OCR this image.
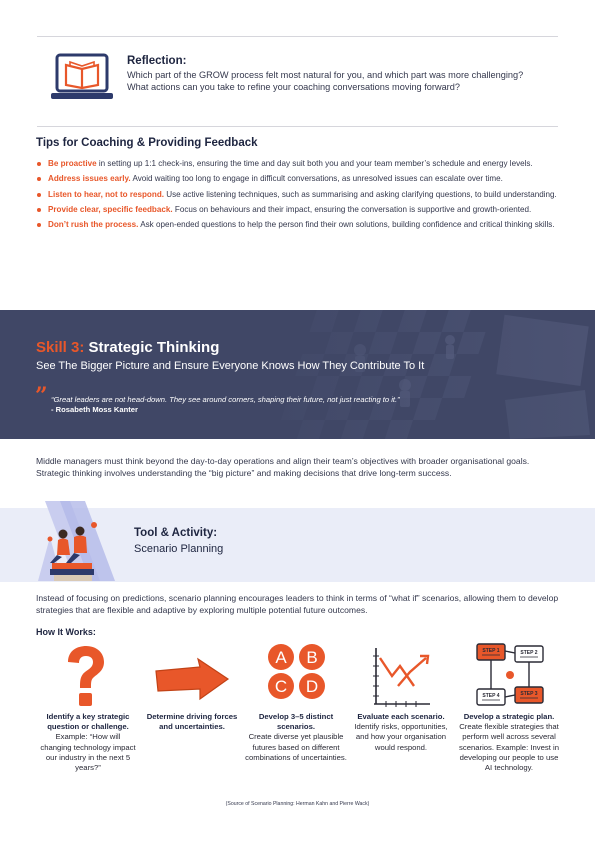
Reflection:
Which part of the GROW process felt most natural for you, and which part was more challenging? What actions can you take to refine your coaching conversations moving forward?
Tips for Coaching & Providing Feedback
Be proactive in setting up 1:1 check-ins, ensuring the time and day suit both you and your team member’s schedule and energy levels.
Address issues early. Avoid waiting too long to engage in difficult conversations, as unresolved issues can escalate over time.
Listen to hear, not to respond. Use active listening techniques, such as summarising and asking clarifying questions, to build understanding.
Provide clear, specific feedback. Focus on behaviours and their impact, ensuring the conversation is supportive and growth-oriented.
Don’t rush the process. Ask open-ended questions to help the person find their own solutions, building confidence and critical thinking skills.
Skill 3: Strategic Thinking
See The Bigger Picture and Ensure Everyone Knows How They Contribute To It
” “Great leaders are not head-down. They see around corners, shaping their future, not just reacting to it.”
- Rosabeth Moss Kanter
Middle managers must think beyond the day-to-day operations and align their team’s objectives with broader organisational goals. Strategic thinking involves understanding the “big picture” and making decisions that drive long-term success.
Tool & Activity:
Scenario Planning
Instead of focusing on predictions, scenario planning encourages leaders to think in terms of “what if” scenarios, allowing them to develop strategies that are flexible and adaptive by exploring multiple potential future outcomes.
How It Works:
Identify a key strategic question or challenge.
Example: “How will changing technology impact our industry in the next 5 years?”
Determine driving forces and uncertainties.
A B
C D
Develop 3–5 distinct scenarios.
Create diverse yet plausible futures based on different combinations of uncertainties.
Evaluate each scenario.
Identify risks, opportunities, and how your organisation would respond.
STEP 1	STEP 2
STEP 3
STEP 4
Develop a strategic plan.
Create flexible strategies that perform well across several scenarios. Example: Invest in developing our people to use AI technology.
(Source of Scenario Planning: Herman Kahn and Pierre Wack)
